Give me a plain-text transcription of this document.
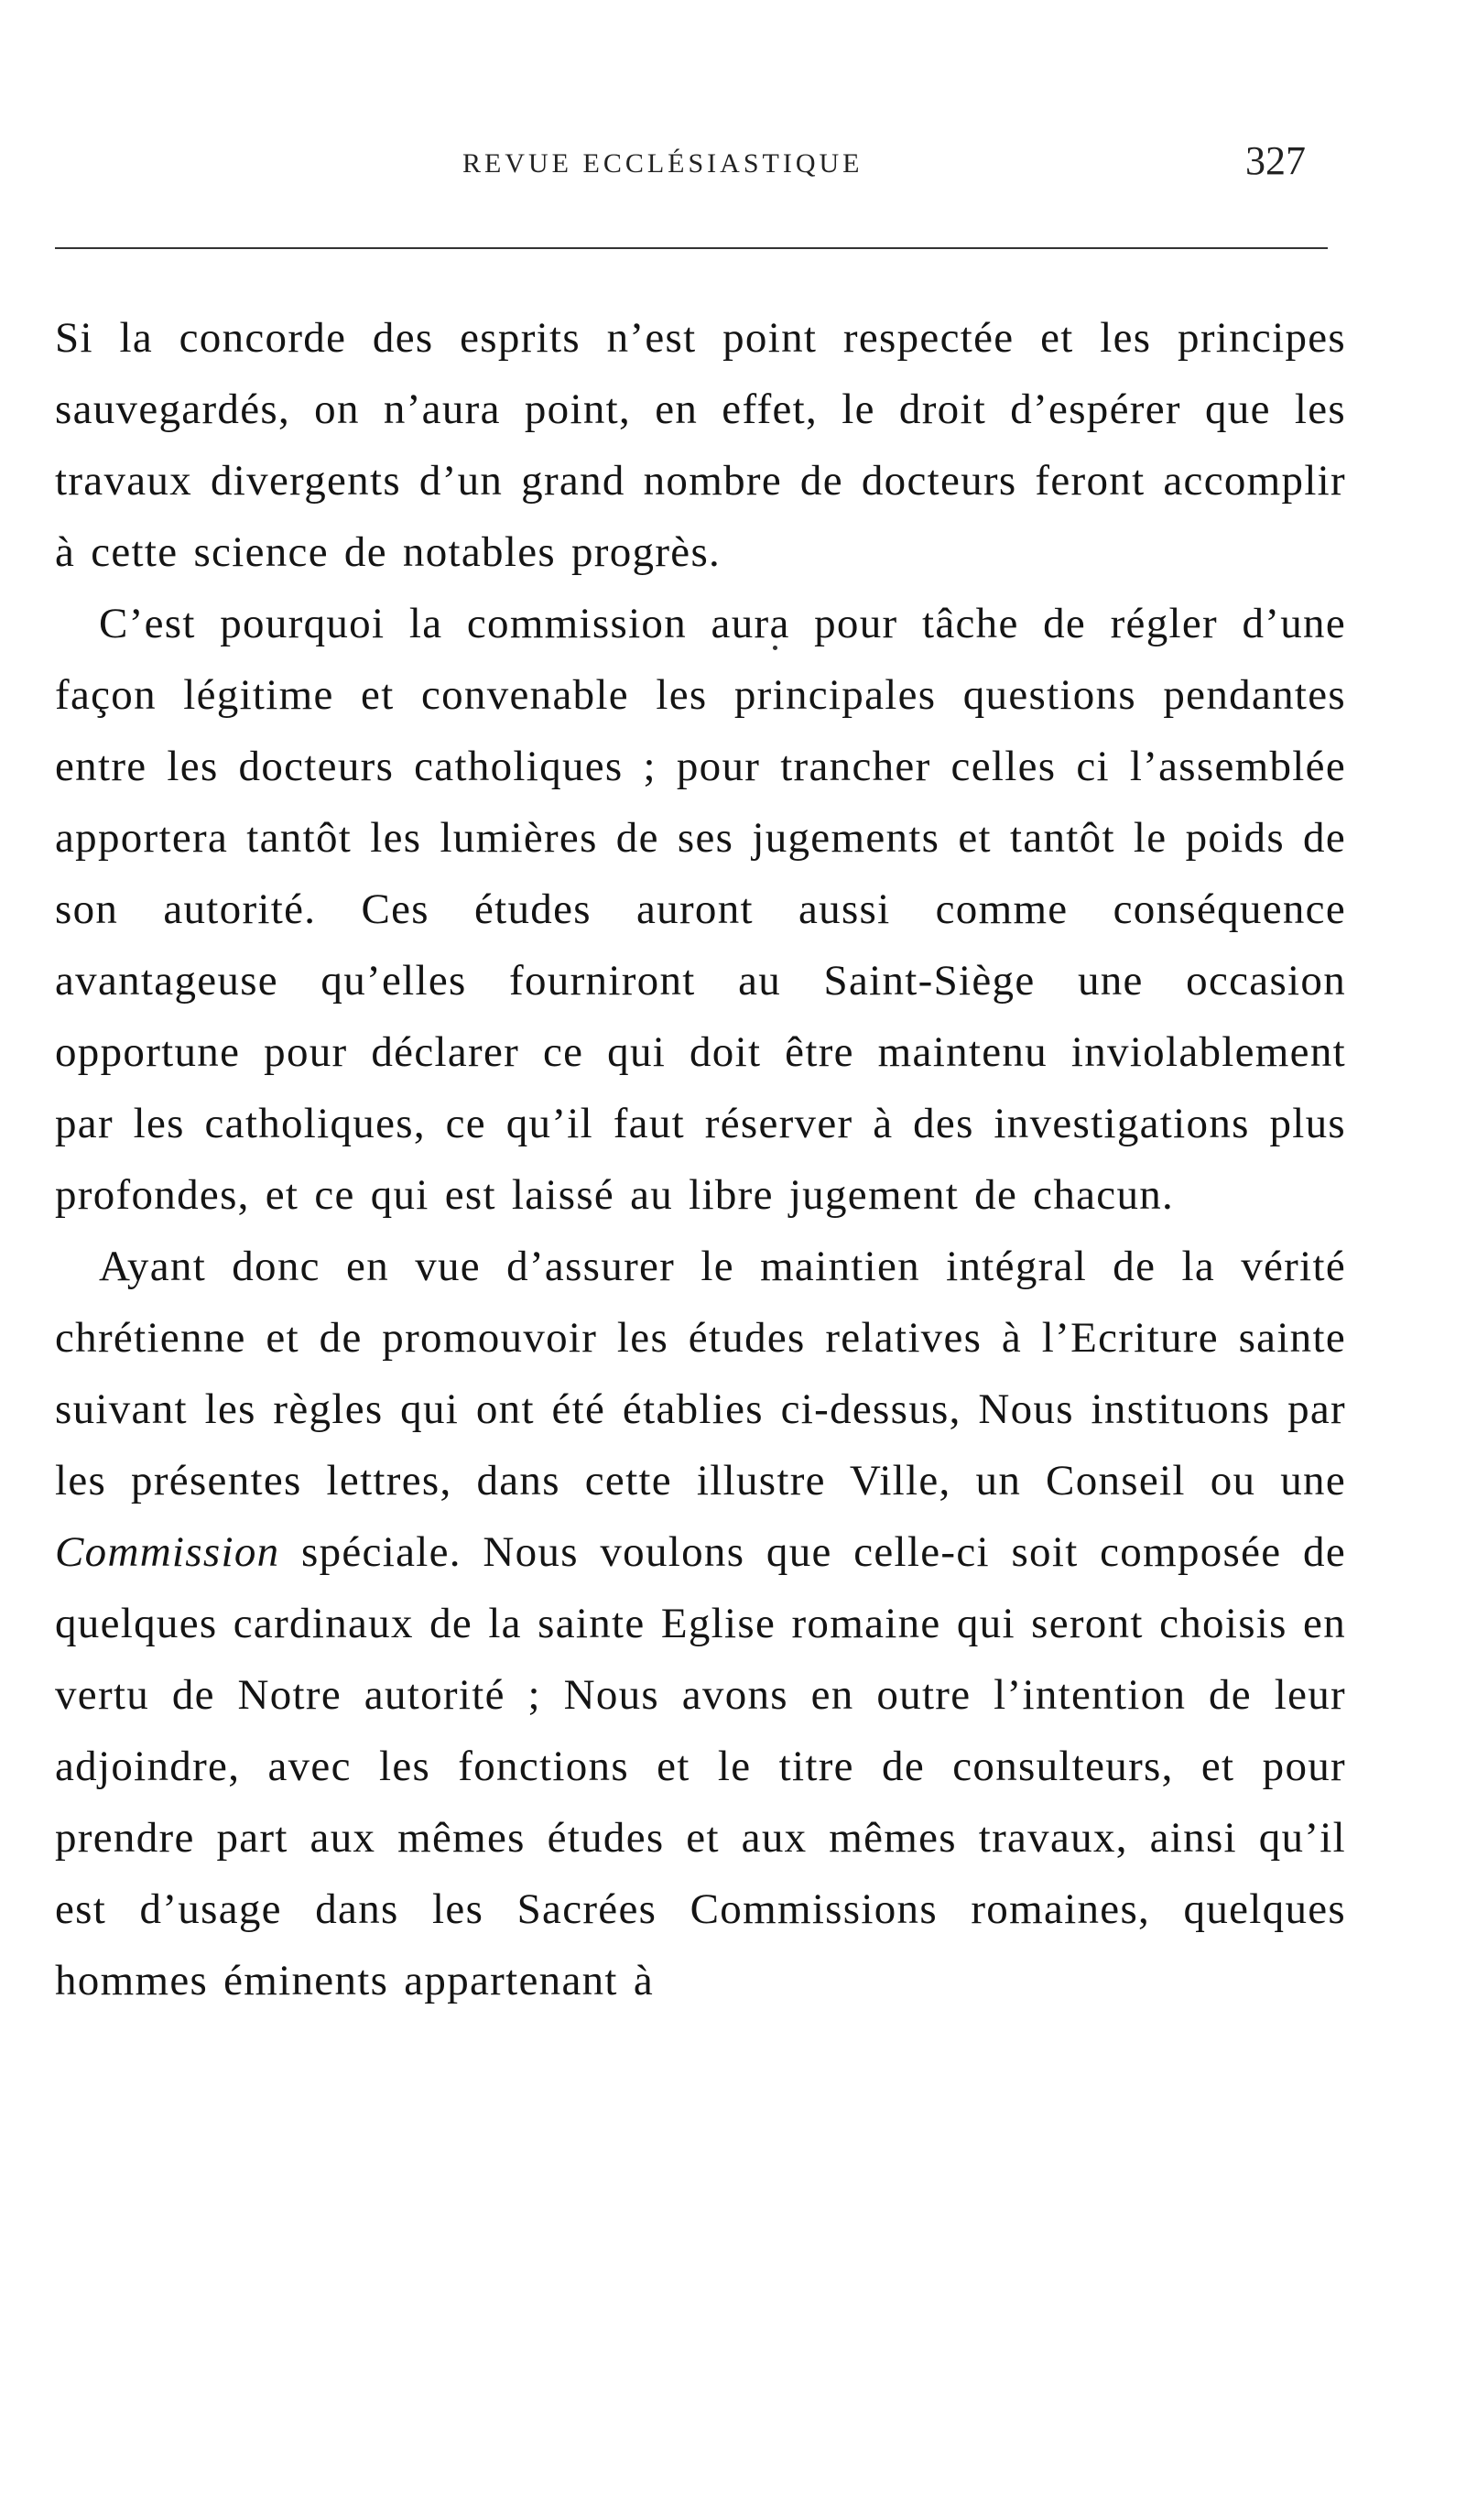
REVUE ECCLÉSIASTIQUE	327

Si la concorde des esprits n’est point respectée et les principes sauvegardés, on n’aura point, en effet, le droit d’espérer que les travaux divergents d’un grand nombre de docteurs feront accomplir à cette science de notables progrès.

C’est pourquoi la commission aura pour tâche de régler d’une façon légitime et convenable les principales questions pendantes entre les docteurs catholiques ; pour trancher celles ci l’assemblée apportera tantôt les lumières de ses jugements et tantôt le poids de son autorité. Ces études auront aussi comme conséquence avantageuse qu’elles fourniront au Saint-Siège une occasion opportune pour déclarer ce qui doit être maintenu inviolablement par les catholiques, ce qu’il faut réserver à des investigations plus profondes, et ce qui est laissé au libre jugement de chacun.

Ayant donc en vue d’assurer le maintien intégral de la vérité chrétienne et de promouvoir les études relatives à l’Ecriture sainte suivant les règles qui ont été établies ci-dessus, Nous instituons par les présentes lettres, dans cette illustre Ville, un Conseil ou une Commission spéciale. Nous voulons que celle-ci soit composée de quelques cardinaux de la sainte Eglise romaine qui seront choisis en vertu de Notre autorité ; Nous avons en outre l’intention de leur adjoindre, avec les fonctions et le titre de consulteurs, et pour prendre part aux mêmes études et aux mêmes travaux, ainsi qu’il est d’usage dans les Sacrées Commissions romaines, quelques hommes éminents appartenant à
